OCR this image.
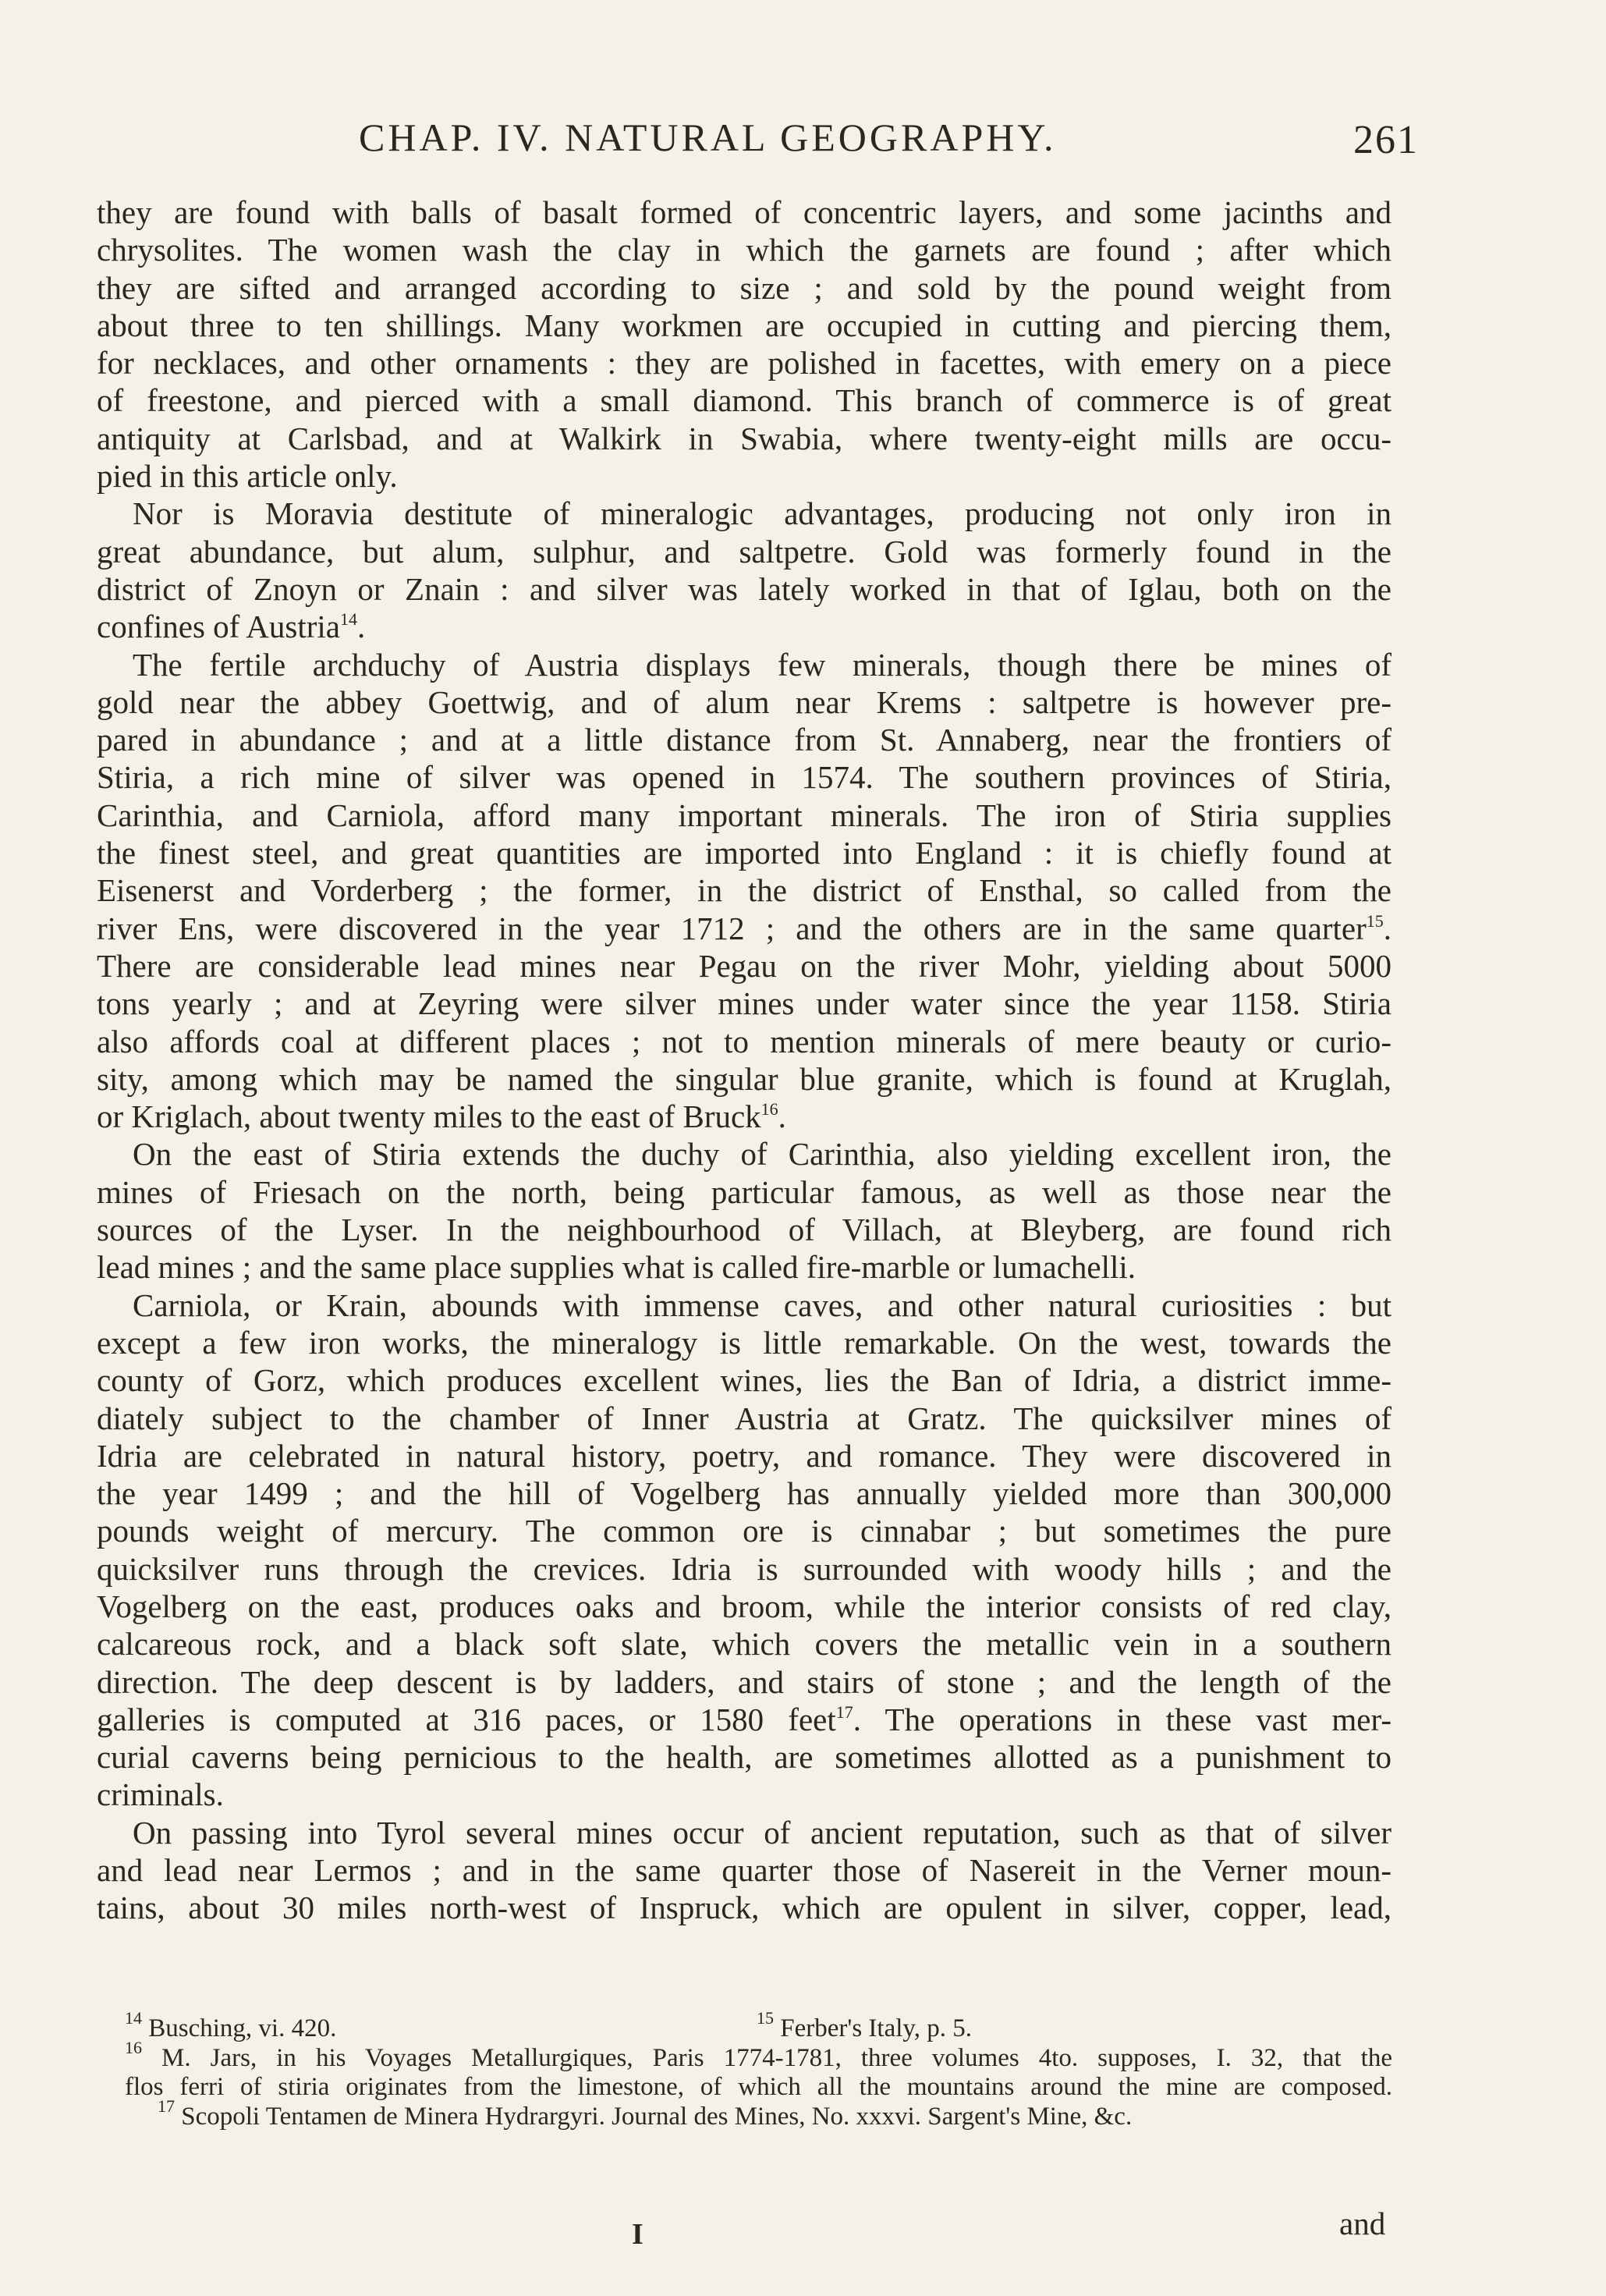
CHAP. IV. NATURAL GEOGRAPHY.	261
they are found with balls of basalt formed of concentric layers, and some jacinths and
chrysolites. The women wash the clay in which the garnets are found ; after which
they are sifted and arranged according to size ; and sold by the pound weight from
about three to ten shillings. Many workmen are occupied in cutting and piercing them,
for necklaces, and other ornaments : they are polished in facettes, with emery on a piece
of freestone, and pierced with a small diamond. This branch of commerce is of great
antiquity at Carlsbad, and at Walkirk in Swabia, where twenty-eight mills are occu-
pied in this article only.
Nor is Moravia destitute of mineralogic advantages, producing not only iron in
great abundance, but alum, sulphur, and saltpetre. Gold was formerly found in the
district of Znoyn or Znain : and silver was lately worked in that of Iglau, both on the
confines of Austria$^{14}$.
The fertile archduchy of Austria displays few minerals, though there be mines of
gold near the abbey Goettwig, and of alum near Krems : saltpetre is however pre-
pared in abundance ; and at a little distance from St. Annaberg, near the frontiers of
Stiria, a rich mine of silver was opened in 1574. The southern provinces of Stiria,
Carinthia, and Carniola, afford many important minerals. The iron of Stiria supplies
the finest steel, and great quantities are imported into England : it is chiefly found at
Eisenerst and Vorderberg ; the former, in the district of Ensthal, so called from the
river Ens, were discovered in the year 1712 ; and the others are in the same quarter$^{15}$.
There are considerable lead mines near Pegau on the river Mohr, yielding about 5000
tons yearly ; and at Zeyring were silver mines under water since the year 1158. Stiria
also affords coal at different places ; not to mention minerals of mere beauty or curio-
sity, among which may be named the singular blue granite, which is found at Kruglah,
or Kriglach, about twenty miles to the east of Bruck$^{16}$.
On the east of Stiria extends the duchy of Carinthia, also yielding excellent iron, the
mines of Friesach on the north, being particular famous, as well as those near the
sources of the Lyser. In the neighbourhood of Villach, at Bleyberg, are found rich
lead mines ; and the same place supplies what is called fire-marble or lumachelli.
Carniola, or Krain, abounds with immense caves, and other natural curiosities : but
except a few iron works, the mineralogy is little remarkable. On the west, towards the
county of Gorz, which produces excellent wines, lies the Ban of Idria, a district imme-
diately subject to the chamber of Inner Austria at Gratz. The quicksilver mines of
Idria are celebrated in natural history, poetry, and romance. They were discovered in
the year 1499 ; and the hill of Vogelberg has annually yielded more than 300,000
pounds weight of mercury. The common ore is cinnabar ; but sometimes the pure
quicksilver runs through the crevices. Idria is surrounded with woody hills ; and the
Vogelberg on the east, produces oaks and broom, while the interior consists of red clay,
calcareous rock, and a black soft slate, which covers the metallic vein in a southern
direction. The deep descent is by ladders, and stairs of stone ; and the length of the
galleries is computed at 316 paces, or 1580 feet$^{17}$. The operations in these vast mer-
curial caverns being pernicious to the health, are sometimes allotted as a punishment to
criminals.
On passing into Tyrol several mines occur of ancient reputation, such as that of silver
and lead near Lermos ; and in the same quarter those of Nasereit in the Verner moun-
tains, about 30 miles north-west of Inspruck, which are opulent in silver, copper, lead,
$^{14}$ Busching, vi. 420.	$^{15}$ Ferber's Italy, p. 5.
$^{16}$ M. Jars, in his Voyages Metallurgiques, Paris 1774-1781, three volumes 4to. supposes, I. 32, that the
flos ferri of stiria originates from the limestone, of which all the mountains around the mine are composed.
$^{17}$ Scopoli Tentamen de Minera Hydrargyri. Journal des Mines, No. xxxvi. Sargent's Mine, &c.
I	and
